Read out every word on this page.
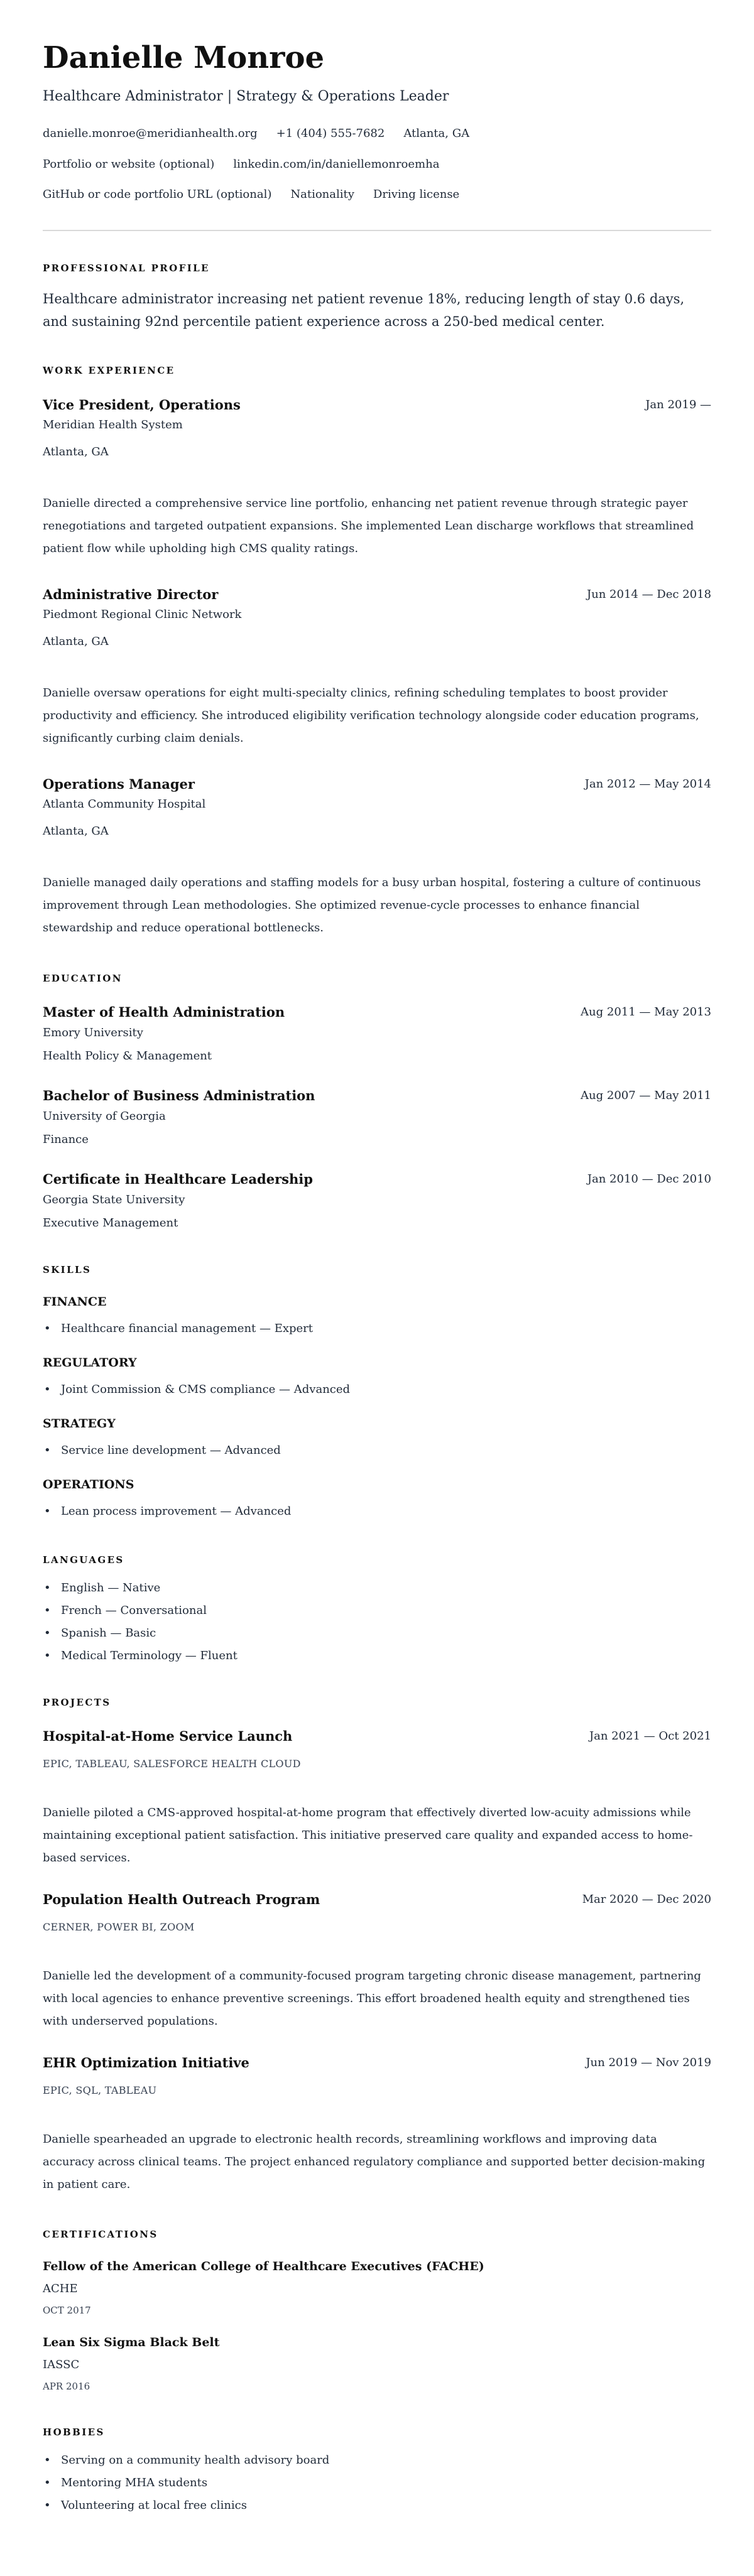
Danielle Monroe
Healthcare Administrator | Strategy & Operations Leader
danielle.monroe@meridianhealth.org +1 (404) 555-7682 Atlanta, GA
Portfolio or website (optional) linkedin.com/in/daniellemonroemha
GitHub or code portfolio URL (optional) Nationality Driving license
PROFESSIONAL PROFILE

Healthcare administrator increasing net patient revenue 18%, reducing length of stay 0.6 days, and sustaining 92nd percentile patient experience across a 250-bed medical center.

WORK EXPERIENCE
Vice President, Operations	Jan 2019 —
Meridian Health System
Atlanta, GA
Danielle directed a comprehensive service line portfolio, enhancing net patient revenue through strategic payer renegotiations and targeted outpatient expansions. She implemented Lean discharge workflows that streamlined patient flow while upholding high CMS quality ratings.
Administrative Director	Jun 2014 — Dec 2018
Piedmont Regional Clinic Network
Atlanta, GA
Danielle oversaw operations for eight multi-specialty clinics, refining scheduling templates to boost provider productivity and efficiency. She introduced eligibility verification technology alongside coder education programs, significantly curbing claim denials.
Operations Manager	Jan 2012 — May 2014
Atlanta Community Hospital
Atlanta, GA
Danielle managed daily operations and staffing models for a busy urban hospital, fostering a culture of continuous improvement through Lean methodologies. She optimized revenue-cycle processes to enhance financial stewardship and reduce operational bottlenecks.
EDUCATION
Master of Health Administration	Aug 2011 — May 2013
Emory University
Health Policy & Management
Bachelor of Business Administration	Aug 2007 — May 2011
University of Georgia
Finance
Certificate in Healthcare Leadership	Jan 2010 — Dec 2010
Georgia State University
Executive Management
SKILLS
FINANCE
• Healthcare financial management — Expert
REGULATORY
• Joint Commission & CMS compliance — Advanced
STRATEGY
• Service line development — Advanced
OPERATIONS
• Lean process improvement — Advanced
LANGUAGES
• English — Native
• French — Conversational
• Spanish — Basic
• Medical Terminology — Fluent
PROJECTS
Hospital-at-Home Service Launch	Jan 2021 — Oct 2021
EPIC, TABLEAU, SALESFORCE HEALTH CLOUD
Danielle piloted a CMS-approved hospital-at-home program that effectively diverted low-acuity admissions while maintaining exceptional patient satisfaction. This initiative preserved care quality and expanded access to home-based services.
Population Health Outreach Program	Mar 2020 — Dec 2020
CERNER, POWER BI, ZOOM
Danielle led the development of a community-focused program targeting chronic disease management, partnering with local agencies to enhance preventive screenings. This effort broadened health equity and strengthened ties with underserved populations.
EHR Optimization Initiative	Jun 2019 — Nov 2019
EPIC, SQL, TABLEAU
Danielle spearheaded an upgrade to electronic health records, streamlining workflows and improving data accuracy across clinical teams. The project enhanced regulatory compliance and supported better decision-making in patient care.
CERTIFICATIONS
Fellow of the American College of Healthcare Executives (FACHE)
ACHE
OCT 2017
Lean Six Sigma Black Belt
IASSC
APR 2016
HOBBIES
• Serving on a community health advisory board
• Mentoring MHA students
• Volunteering at local free clinics
